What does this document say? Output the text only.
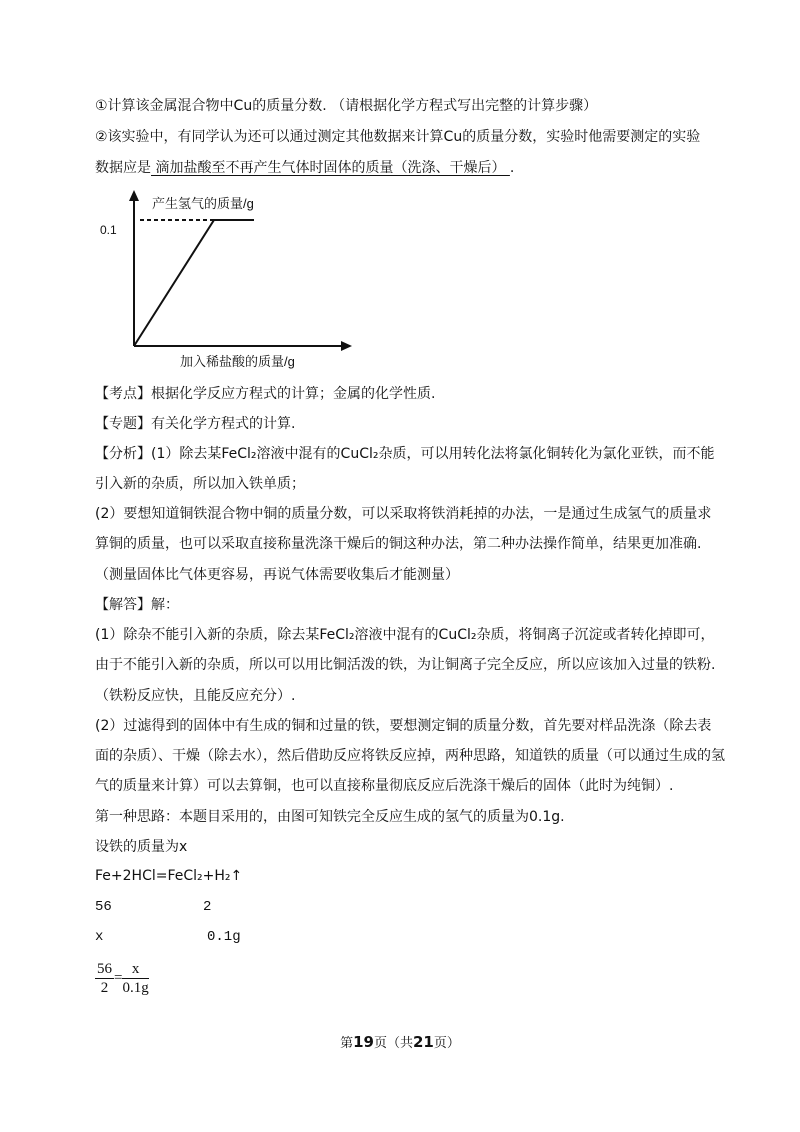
①计算该金属混合物中Cu的质量分数. （请根据化学方程式写出完整的计算步骤）
②该实验中，有同学认为还可以通过测定其他数据来计算Cu的质量分数，实验时他需要测定的实验
数据应是 滴加盐酸至不再产生气体时固体的质量（洗涤、干燥后） .
产生氢气的质量/g
0.1
加入稀盐酸的质量/g
【考点】根据化学反应方程式的计算；金属的化学性质.
【专题】有关化学方程式的计算.
【分析】(1）除去某FeCl₂溶液中混有的CuCl₂杂质，可以用转化法将氯化铜转化为氯化亚铁，而不能
引入新的杂质，所以加入铁单质；
(2）要想知道铜铁混合物中铜的质量分数，可以采取将铁消耗掉的办法，一是通过生成氢气的质量求
算铜的质量，也可以采取直接称量洗涤干燥后的铜这种办法，第二种办法操作简单，结果更加准确.
（测量固体比气体更容易，再说气体需要收集后才能测量）
【解答】解：
(1）除杂不能引入新的杂质，除去某FeCl₂溶液中混有的CuCl₂杂质，将铜离子沉淀或者转化掉即可，
由于不能引入新的杂质，所以可以用比铜活泼的铁，为让铜离子完全反应，所以应该加入过量的铁粉.
（铁粉反应快，且能反应充分）.
(2）过滤得到的固体中有生成的铜和过量的铁，要想测定铜的质量分数，首先要对样品洗涤（除去表
面的杂质）、干燥（除去水），然后借助反应将铁反应掉，两种思路，知道铁的质量（可以通过生成的氢
气的质量来计算）可以去算铜，也可以直接称量彻底反应后洗涤干燥后的固体（此时为纯铜）.
第一种思路：本题目采用的，由图可知铁完全反应生成的氢气的质量为0.1g.
设铁的质量为x
Fe+2HCl=FeCl₂+H₂↑
56	2
x	0.1g
$\frac{56}{2} = \frac{x}{0.1g}$
第19页（共21页）
